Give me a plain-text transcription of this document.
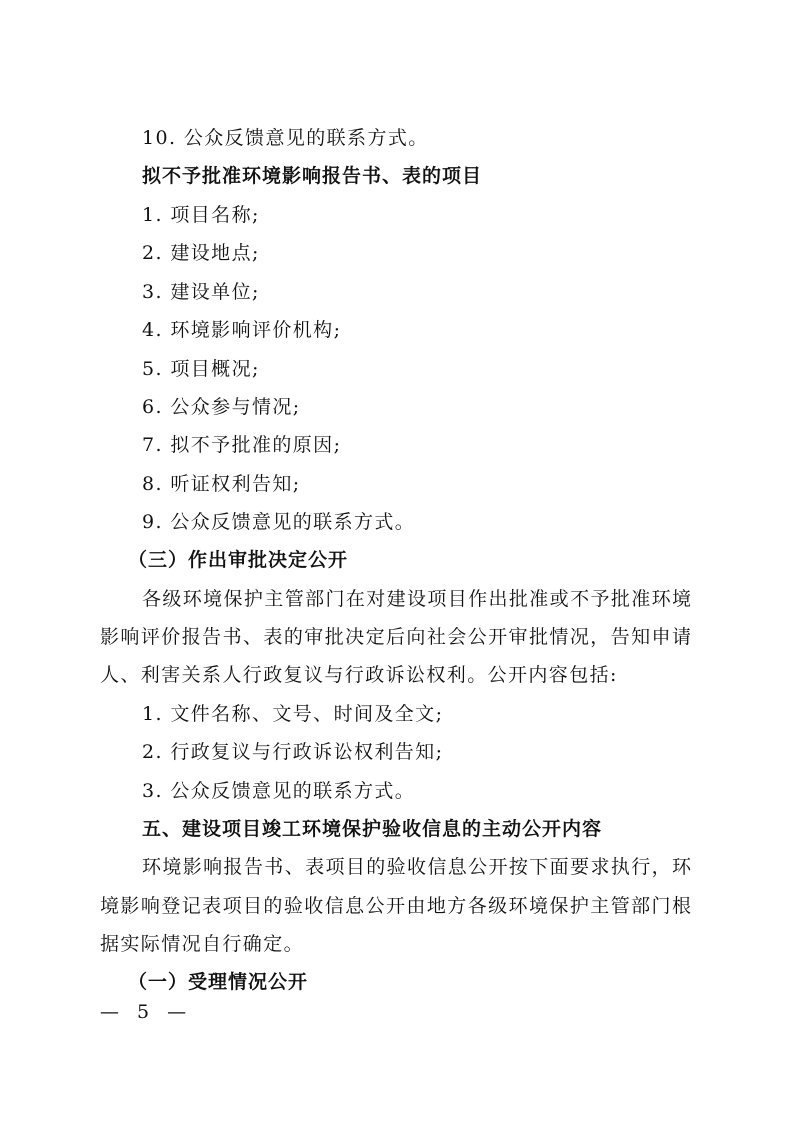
10. 公众反馈意见的联系方式。
拟不予批准环境影响报告书、表的项目
1. 项目名称;
2. 建设地点;
3. 建设单位;
4. 环境影响评价机构;
5. 项目概况;
6. 公众参与情况;
7. 拟不予批准的原因;
8. 听证权利告知;
9. 公众反馈意见的联系方式。
（三）作出审批决定公开
各级环境保护主管部门在对建设项目作出批准或不予批准环境
影响评价报告书、表的审批决定后向社会公开审批情况，告知申请
人、利害关系人行政复议与行政诉讼权利。公开内容包括:
1. 文件名称、文号、时间及全文;
2. 行政复议与行政诉讼权利告知;
3. 公众反馈意见的联系方式。
五、建设项目竣工环境保护验收信息的主动公开内容
环境影响报告书、表项目的验收信息公开按下面要求执行，环
境影响登记表项目的验收信息公开由地方各级环境保护主管部门根
据实际情况自行确定。
（一）受理情况公开
— 5 —
